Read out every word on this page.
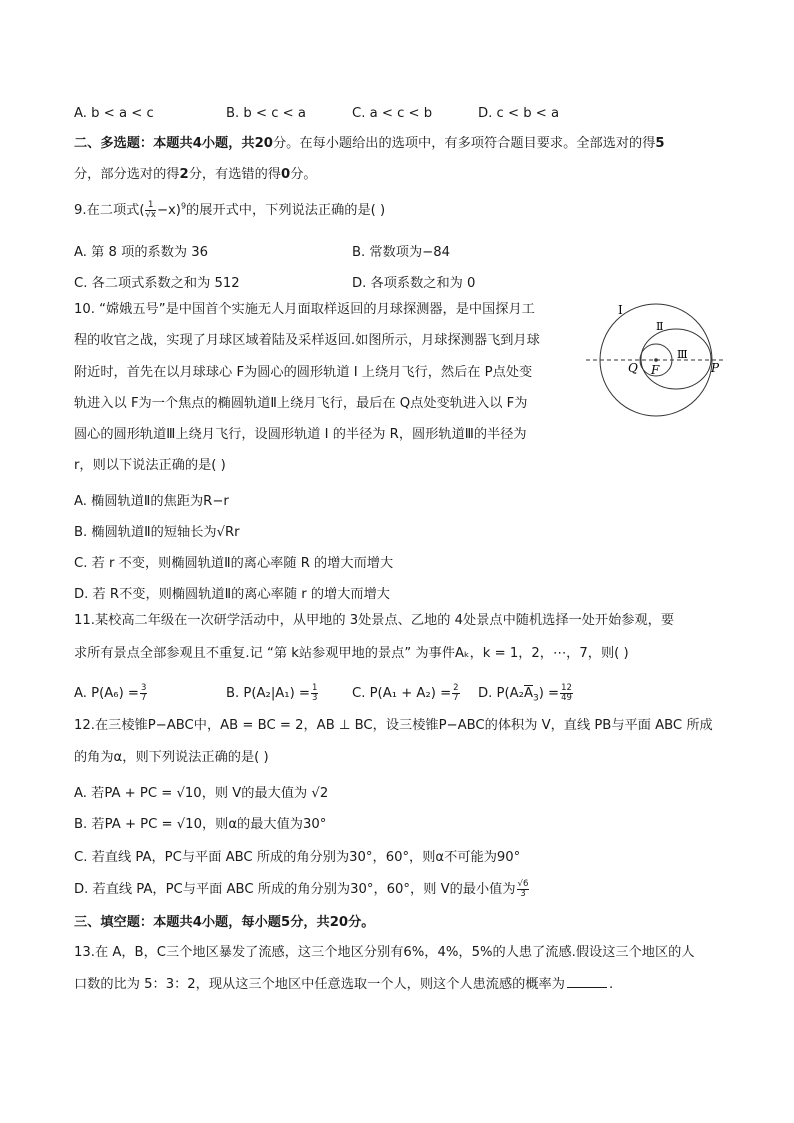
A. b < a < c	B. b < c < a	C. a < c < b	D. c < b < a
二、多选题：本题共4小题，共20分。在每小题给出的选项中，有多项符合题目要求。全部选对的得5
分，部分选对的得2分，有选错的得0分。
9.在二项式( $\frac{1}{√x} -x)^9$的展开式中，下列说法正确的是( )
A. 第 8 项的系数为 36	B. 常数项为−84
C. 各二项式系数之和为 512	D. 各项系数之和为 0
10. “嫦娥五号”是中国首个实施无人月面取样返回的月球探测器，是中国探月工
程的收官之战，实现了月球区域着陆及采样返回.如图所示，月球探测器飞到月球
附近时，首先在以月球球心 F为圆心的圆形轨道 I 上绕月飞行，然后在 P点处变
轨进入以 F为一个焦点的椭圆轨道Ⅱ上绕月飞行，最后在 Q点处变轨进入以 F为
圆心的圆形轨道Ⅲ上绕月飞行，设圆形轨道 I 的半径为 R，圆形轨道Ⅲ的半径为
r，则以下说法正确的是( )
I
Ⅱ
Ⅲ
Q F	P
A. 椭圆轨道Ⅱ的焦距为R−r
B. 椭圆轨道Ⅱ的短轴长为√Rr
C. 若 r 不变，则椭圆轨道Ⅱ的离心率随 R 的增大而增大
D. 若 R不变，则椭圆轨道Ⅱ的离心率随 r 的增大而增大
11.某校高二年级在一次研学活动中，从甲地的 3处景点、乙地的 4处景点中随机选择一处开始参观，要
求所有景点全部参观且不重复.记 “第 k站参观甲地的景点” 为事件Aₖ，k = 1，2，⋯，7，则( )
A. $P(A_6) = \frac{3}{7}$	B. $P(A_2|A_1) = \frac{1}{3}$	C. $P(A_1 + A_2) = \frac{2}{7} D$. $P(A_2\overline{A}_3) = \frac{12}{49}$
12.在三棱锥P−ABC中，AB = BC = 2，AB ⊥ BC，设三棱锥P−ABC的体积为 V，直线 PB与平面 ABC 所成
的角为α，则下列说法正确的是( )
A. 若PA + PC = √10，则 V的最大值为 √2
B. 若PA + PC = √10，则α的最大值为30°
C. 若直线 PA，PC与平面 ABC 所成的角分别为30°，60°，则α不可能为90°
D. 若直线 PA，PC与平面 ABC 所成的角分别为30°，60°，则 V的最小值为 $\frac{√6}{3}$
三、填空题：本题共4小题，每小题5分，共20分。
13.在 A，B，C三个地区暴发了流感，这三个地区分别有6%，4%，5%的人患了流感.假设这三个地区的人
口数的比为 5：3：2，现从这三个地区中任意选取一个人，则这个人患流感的概率为	.
